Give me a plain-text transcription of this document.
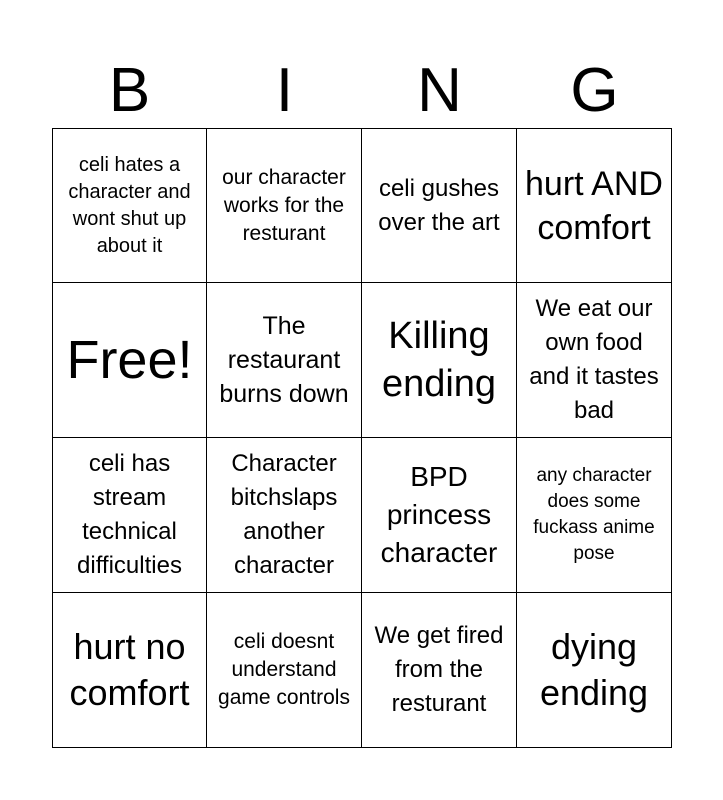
B	I	N	G
celi hates a character and wont shut up about it
our character works for the resturant
celi gushes over the art
hurt AND comfort
Free!
The restaurant burns down
Killing ending
We eat our own food and it tastes bad
celi has stream technical difficulties
Character bitchslaps another character
BPD princess character
any character does some fuckass anime pose
hurt no comfort
celi doesnt understand game controls
We get fired from the resturant
dying ending
